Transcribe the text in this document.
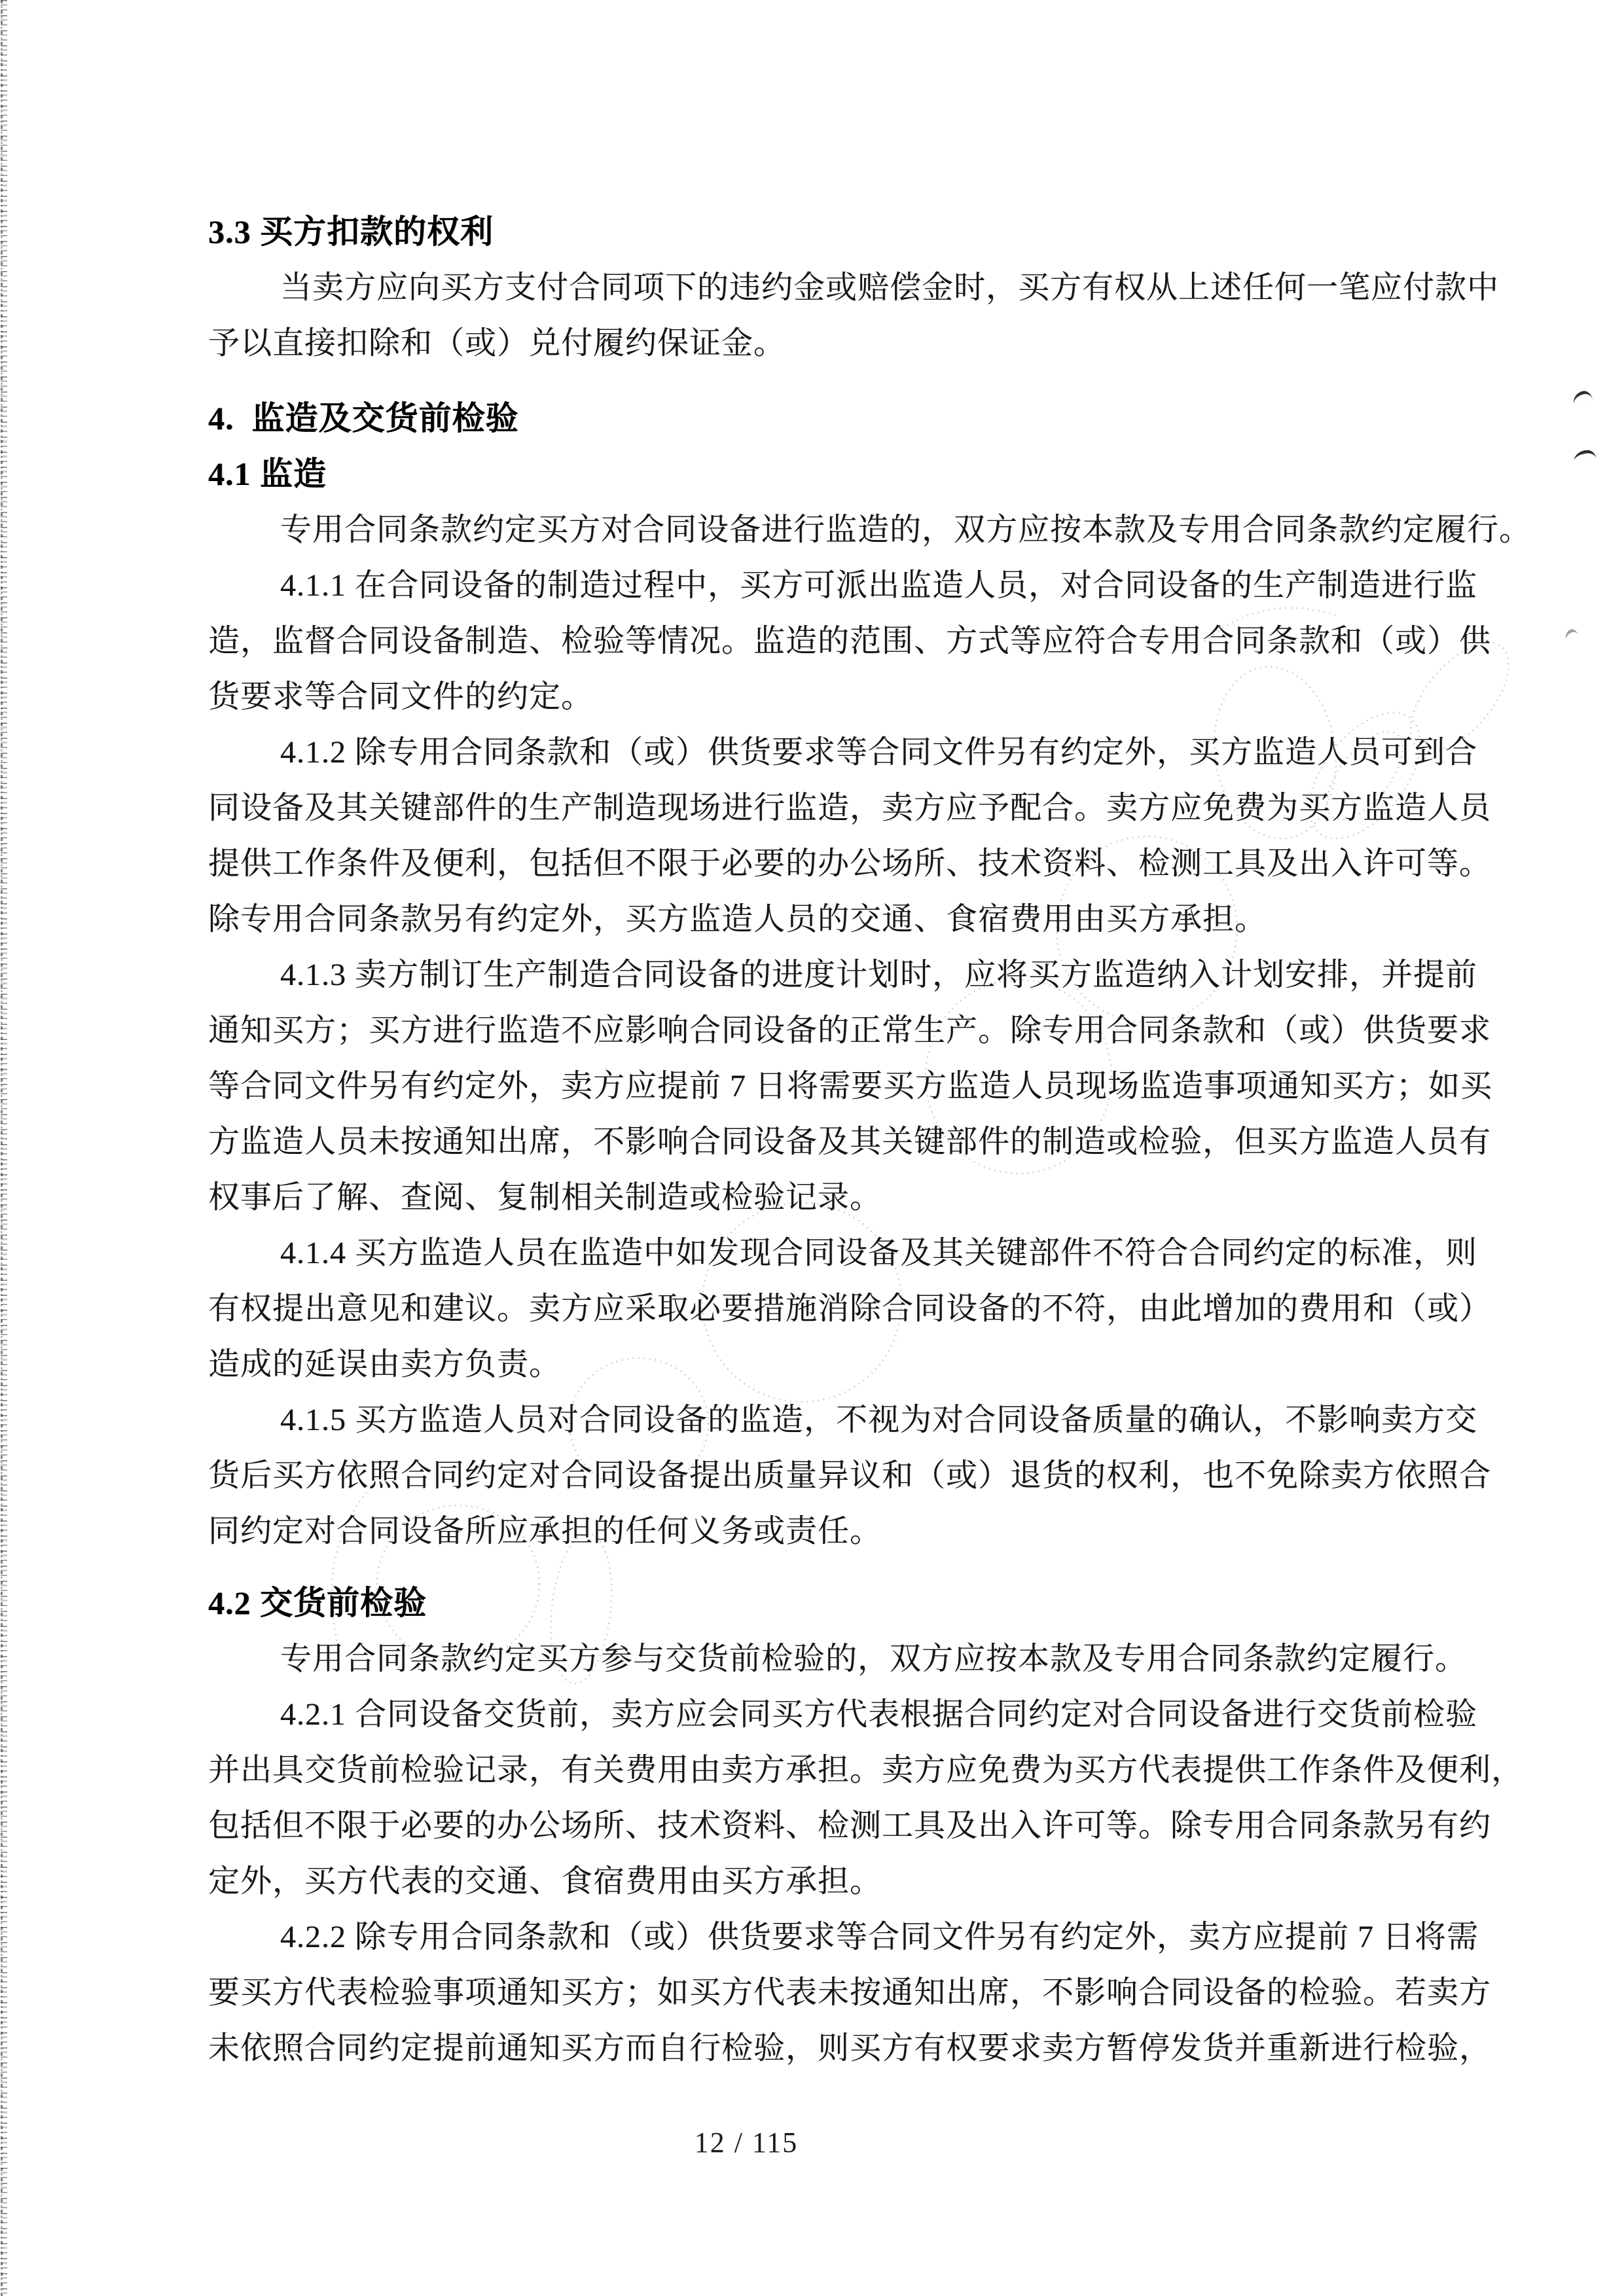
3.3 买方扣款的权利
当卖方应向买方支付合同项下的违约金或赔偿金时，买方有权从上述任何一笔应付款中
予以直接扣除和（或）兑付履约保证金。
4.  监造及交货前检验
4.1 监造
专用合同条款约定买方对合同设备进行监造的，双方应按本款及专用合同条款约定履行。
4.1.1 在合同设备的制造过程中，买方可派出监造人员，对合同设备的生产制造进行监
造，监督合同设备制造、检验等情况。监造的范围、方式等应符合专用合同条款和（或）供
货要求等合同文件的约定。
4.1.2 除专用合同条款和（或）供货要求等合同文件另有约定外，买方监造人员可到合
同设备及其关键部件的生产制造现场进行监造，卖方应予配合。卖方应免费为买方监造人员
提供工作条件及便利，包括但不限于必要的办公场所、技术资料、检测工具及出入许可等。
除专用合同条款另有约定外，买方监造人员的交通、食宿费用由买方承担。
4.1.3 卖方制订生产制造合同设备的进度计划时，应将买方监造纳入计划安排，并提前
通知买方；买方进行监造不应影响合同设备的正常生产。除专用合同条款和（或）供货要求
等合同文件另有约定外，卖方应提前 7 日将需要买方监造人员现场监造事项通知买方；如买
方监造人员未按通知出席，不影响合同设备及其关键部件的制造或检验，但买方监造人员有
权事后了解、查阅、复制相关制造或检验记录。
4.1.4 买方监造人员在监造中如发现合同设备及其关键部件不符合合同约定的标准，则
有权提出意见和建议。卖方应采取必要措施消除合同设备的不符，由此增加的费用和（或）
造成的延误由卖方负责。
4.1.5 买方监造人员对合同设备的监造，不视为对合同设备质量的确认，不影响卖方交
货后买方依照合同约定对合同设备提出质量异议和（或）退货的权利，也不免除卖方依照合
同约定对合同设备所应承担的任何义务或责任。
4.2 交货前检验
专用合同条款约定买方参与交货前检验的，双方应按本款及专用合同条款约定履行。
4.2.1 合同设备交货前，卖方应会同买方代表根据合同约定对合同设备进行交货前检验
并出具交货前检验记录，有关费用由卖方承担。卖方应免费为买方代表提供工作条件及便利，
包括但不限于必要的办公场所、技术资料、检测工具及出入许可等。除专用合同条款另有约
定外，买方代表的交通、食宿费用由买方承担。
4.2.2 除专用合同条款和（或）供货要求等合同文件另有约定外，卖方应提前 7 日将需
要买方代表检验事项通知买方；如买方代表未按通知出席，不影响合同设备的检验。若卖方
未依照合同约定提前通知买方而自行检验，则买方有权要求卖方暂停发货并重新进行检验，
12 / 115
